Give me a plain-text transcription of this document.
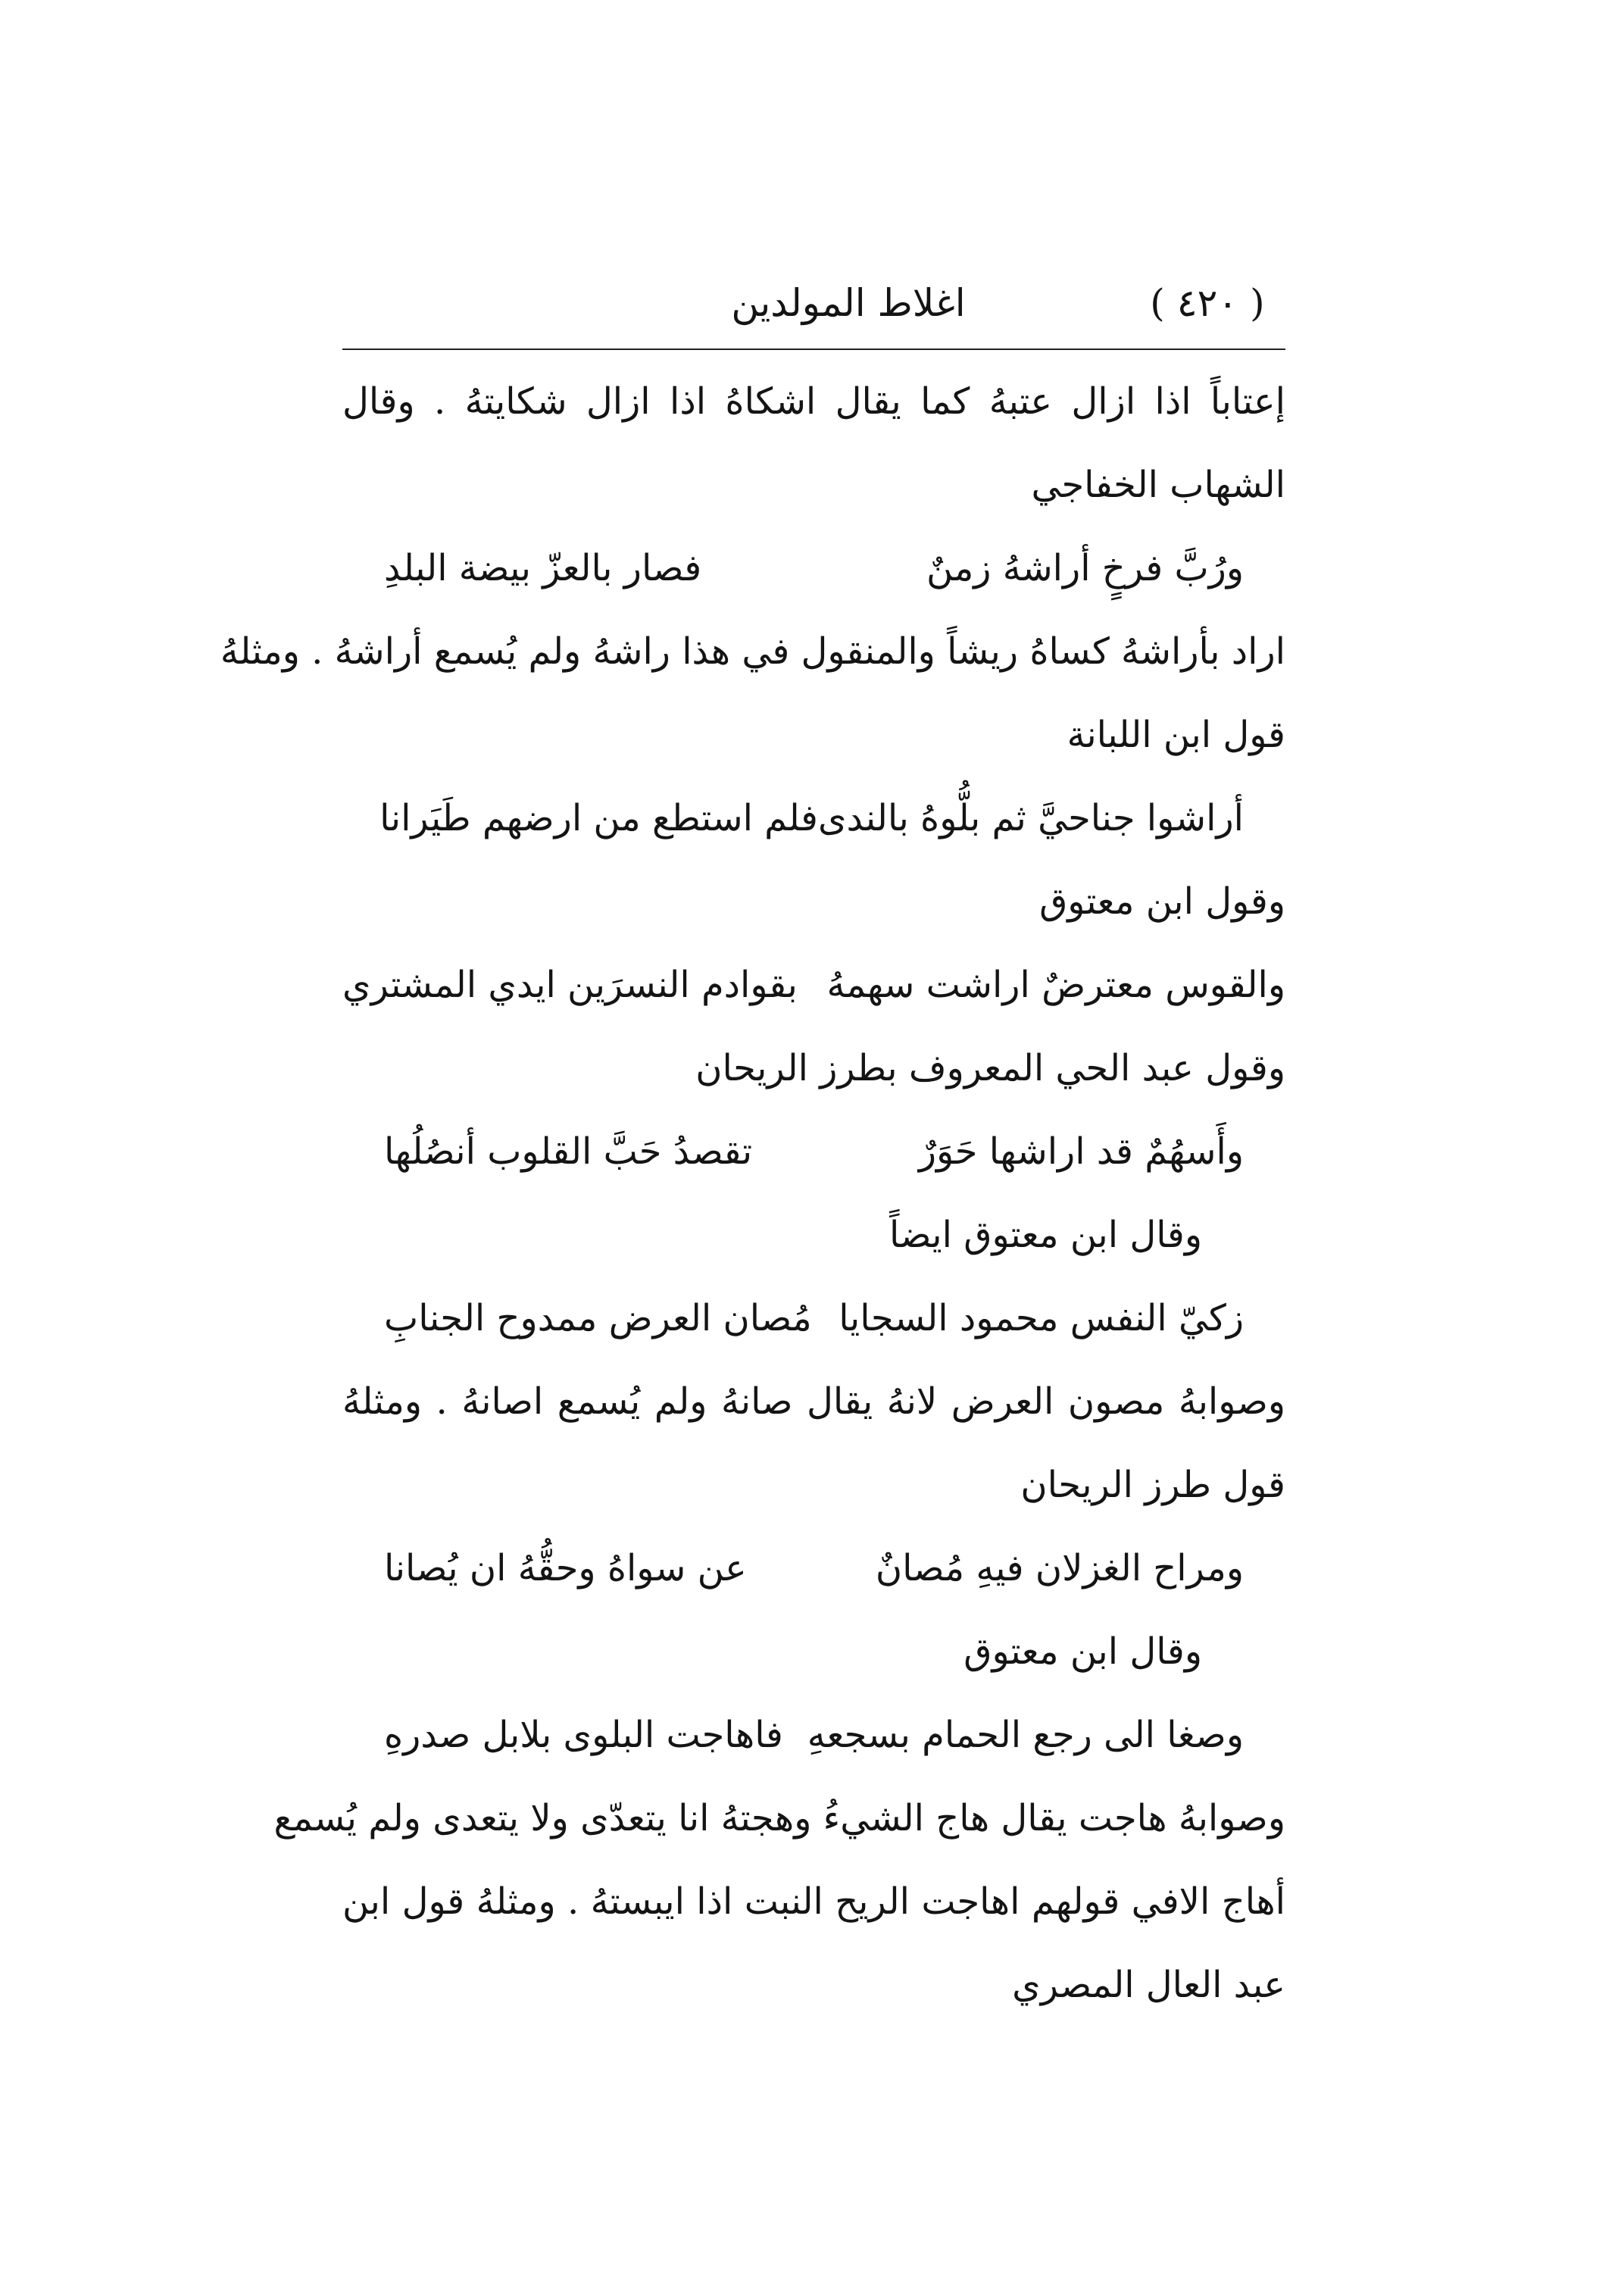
( ٤٢٠ )
اغلاط المولدين
إعتاباً اذا ازال عتبهُ كما يقال اشكاهُ اذا ازال شكايتهُ . وقال
الشهاب الخفاجي
ورُبَّ فرخٍ أراشهُ زمنٌ
فصار بالعزّ بيضة البلدِ
اراد بأراشهُ كساهُ ريشاً والمنقول في هذا راشهُ ولم يُسمع أراشهُ . ومثلهُ
قول ابن اللبانة
أراشوا جناحيَّ ثم بلُّوهُ بالندى
فلم استطع من ارضهم طَيَرانا
وقول ابن معتوق
والقوس معترضٌ اراشت سهمهُ
بقوادم النسرَين ايدي المشتري
وقول عبد الحي المعروف بطرز الريحان
وأَسهُمٌ قد اراشها حَوَرٌ
تقصدُ حَبَّ القلوب أنصُلُها
وقال ابن معتوق ايضاً
زكيّ النفس محمود السجايا
مُصان العرض ممدوح الجنابِ
وصوابهُ مصون العرض لانهُ يقال صانهُ ولم يُسمع اصانهُ . ومثلهُ
قول طرز الريحان
ومراح الغزلان فيهِ مُصانٌ
عن سواهُ وحقُّهُ ان يُصانا
وقال ابن معتوق
وصغا الى رجع الحمام بسجعهِ
فاهاجت البلوى بلابل صدرهِ
وصوابهُ هاجت يقال هاج الشيءُ وهجتهُ انا يتعدّى ولا يتعدى ولم يُسمع
أهاج الافي قولهم اهاجت الريح النبت اذا ايبستهُ . ومثلهُ قول ابن
عبد العال المصري
